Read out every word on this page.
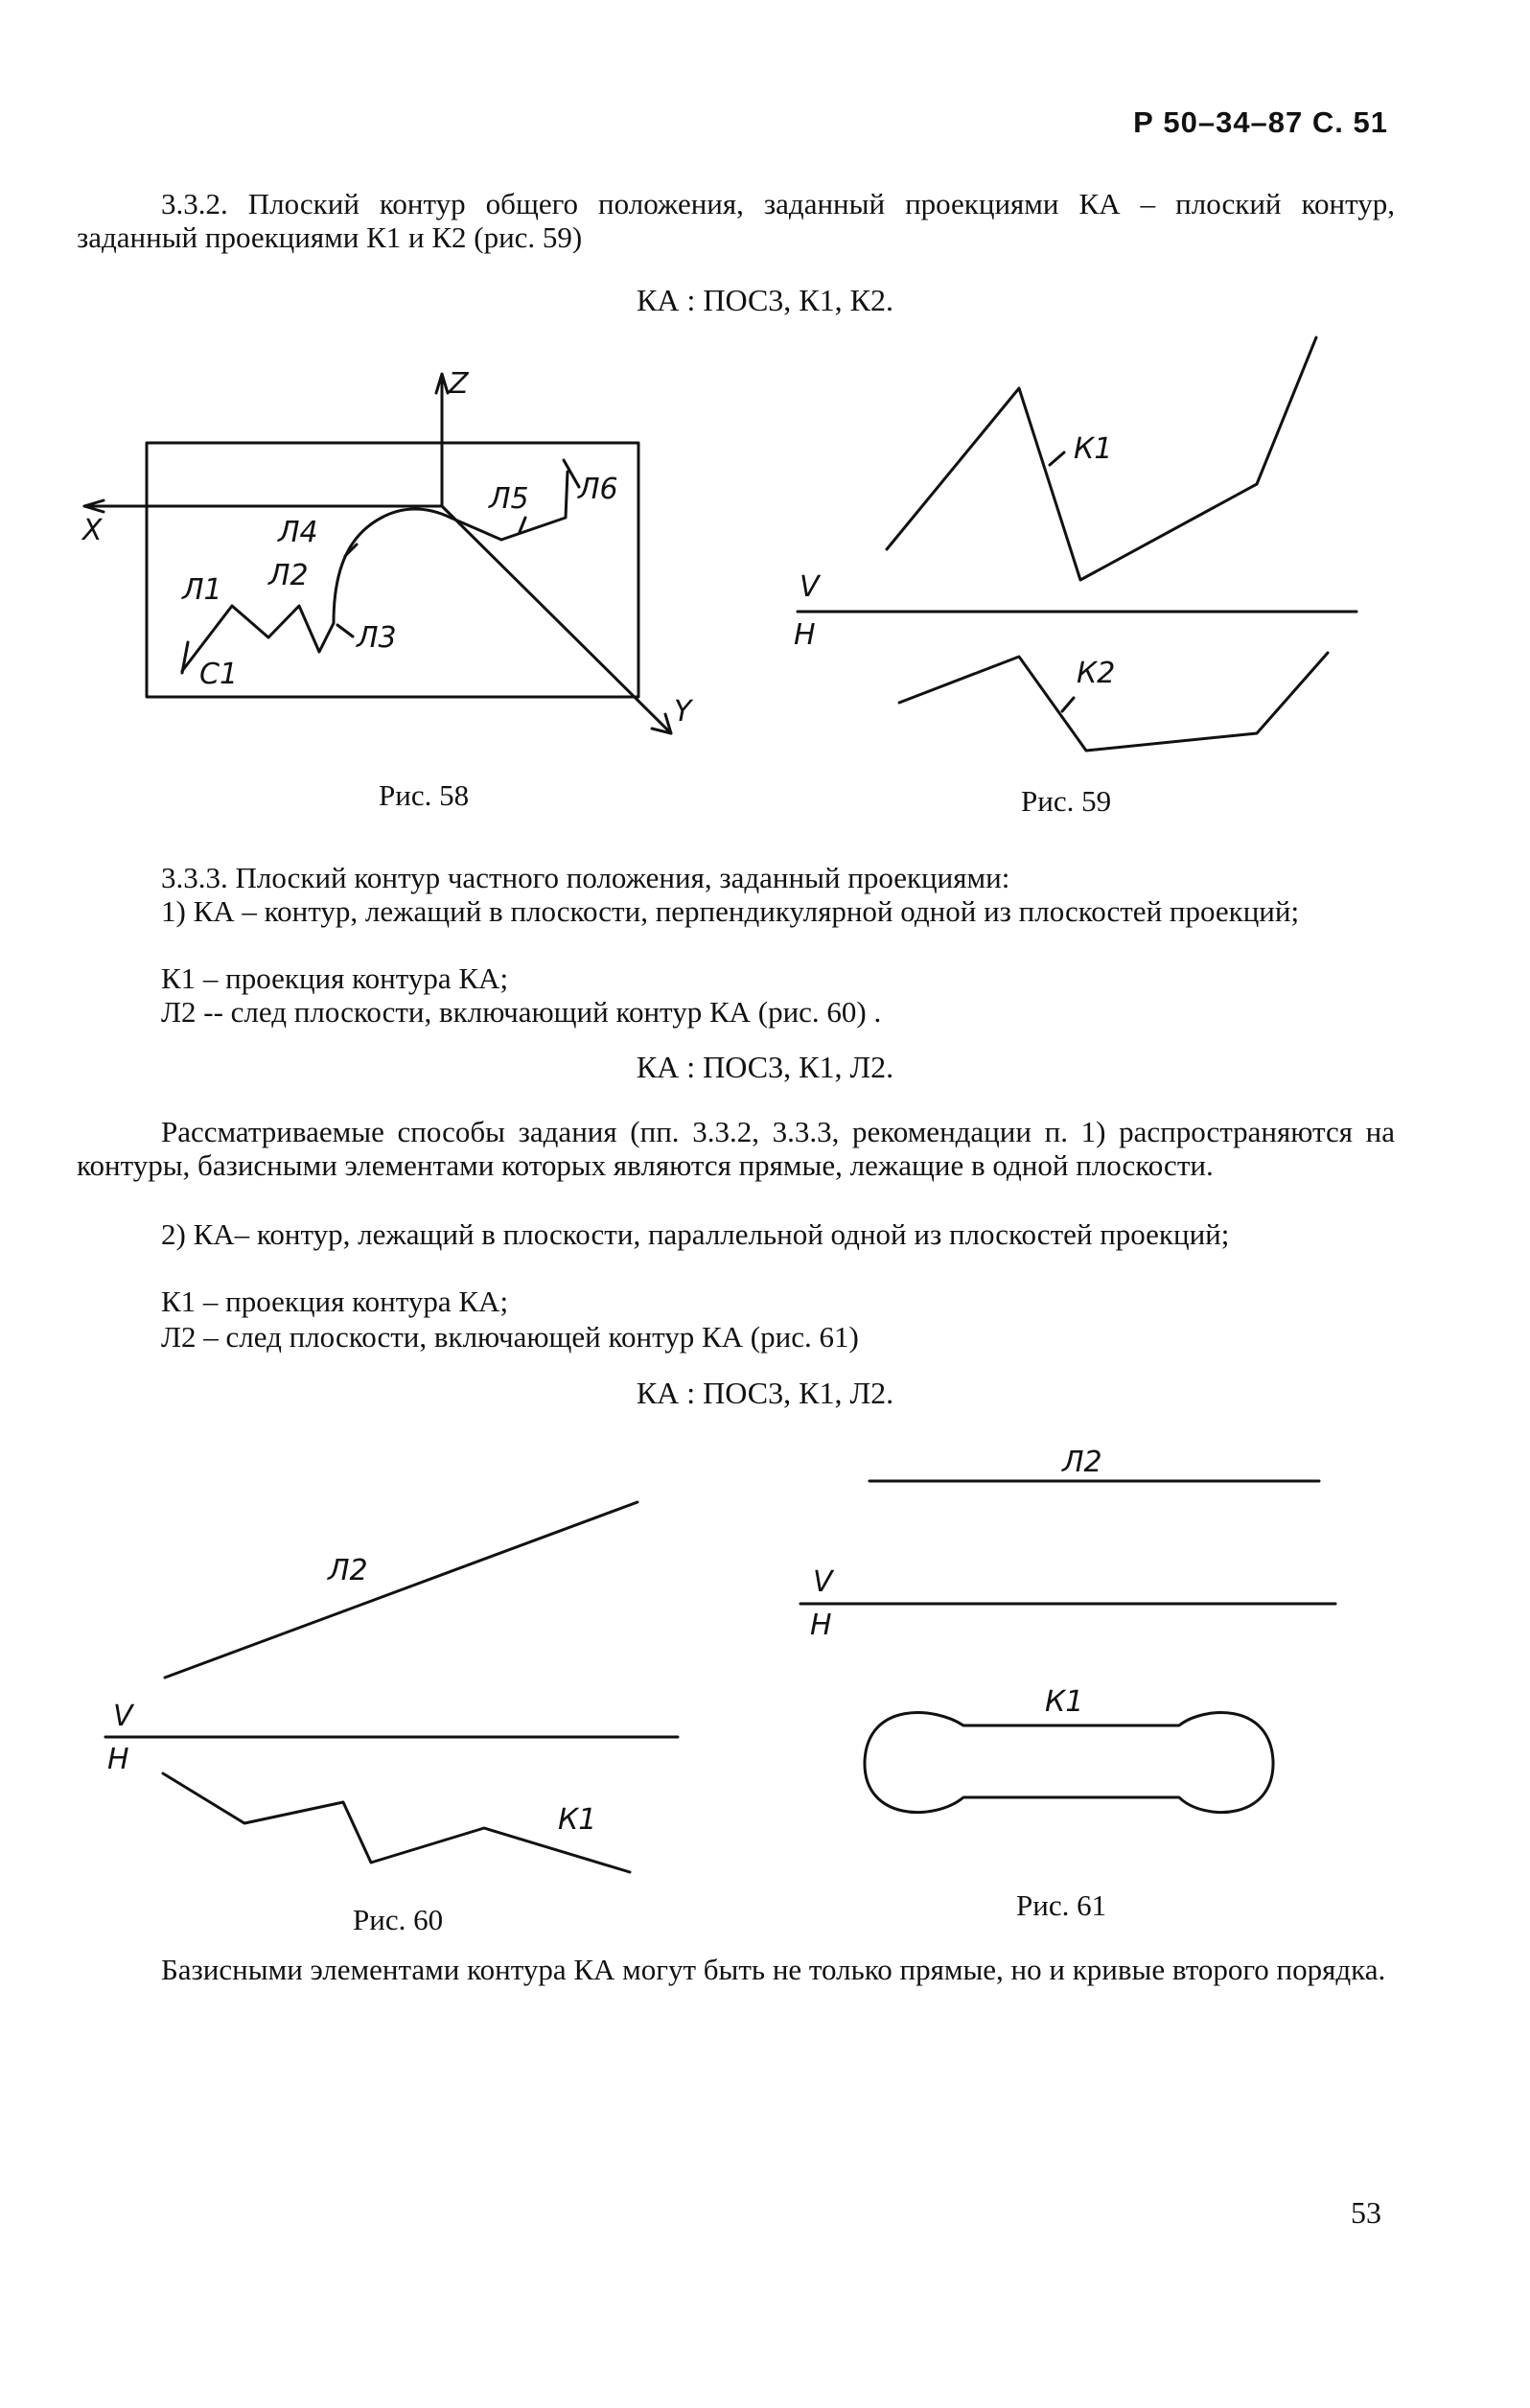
Р 50–34–87 С. 51
3.3.2. Плоский контур общего положения, заданный проекциями КА – плоский контур, заданный проекциями К1 и К2 (рис. 59)
КА : ПОС3, К1, К2.
Z
X
Y
Л1 Л2
Л3
Л4
Л5 Л6
С1
Рис. 58
К1
К2
V
H
Рис. 59
3.3.3. Плоский контур частного положения, заданный проекциями:
1) КА – контур, лежащий в плоскости, перпендикулярной одной из плоскостей проекций;
К1 – проекция контура КА;
Л2 -- след плоскости, включающий контур КА (рис. 60) .
КА : ПОС3, К1, Л2.
Рассматриваемые способы задания (пп. 3.3.2, 3.3.3, рекомендации п. 1) распространяются на контуры, базисными элементами которых являются прямые, лежащие в одной плоскости.
2) КА– контур, лежащий в плоскости, параллельной одной из плоскостей проекций;
К1 – проекция контура КА;
Л2 – след плоскости, включающей контур КА (рис. 61)
КА : ПОС3, К1, Л2.
Л2
V
H
К1
Рис. 60
Л2
V
H
К1
Рис. 61
Базисными элементами контура КА могут быть не только прямые, но и кривые второго порядка.
53
